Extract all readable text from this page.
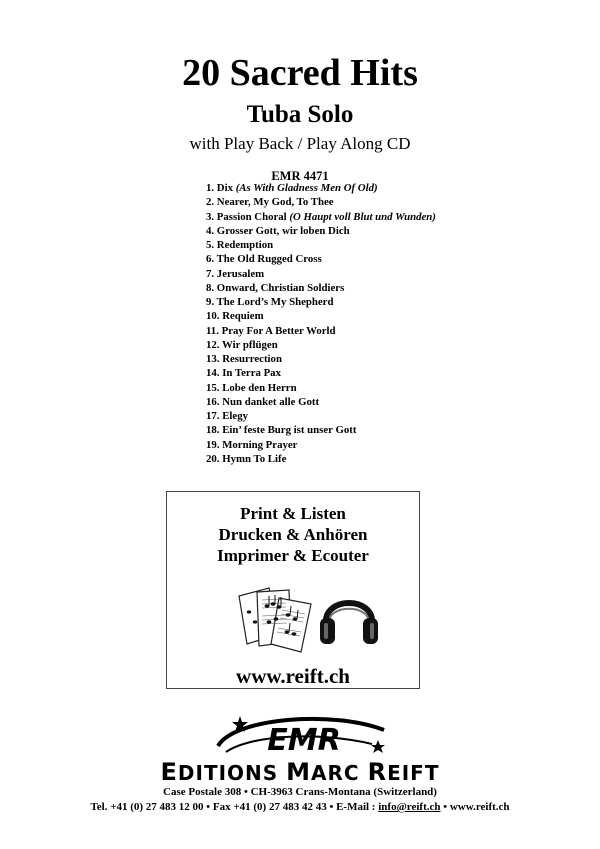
20 Sacred Hits
Tuba Solo
with Play Back / Play Along CD
EMR 4471
1. Dix (As With Gladness Men Of Old)
2. Nearer, My God, To Thee
3. Passion Choral (O Haupt voll Blut und Wunden)
4. Grosser Gott, wir loben Dich
5. Redemption
6. The Old Rugged Cross
7. Jerusalem
8. Onward, Christian Soldiers
9. The Lord’s My Shepherd
10. Requiem
11. Pray For A Better World
12. Wir pflügen
13. Resurrection
14. In Terra Pax
15. Lobe den Herrn
16. Nun danket alle Gott
17. Elegy
18. Ein’ feste Burg ist unser Gott
19. Morning Prayer
20. Hymn To Life
Print & Listen
Drucken & Anhören
Imprimer & Ecouter
www.reift.ch
EMR
EDITIONS MARC REIFT
Case Postale 308 • CH-3963 Crans-Montana (Switzerland)
Tel. +41 (0) 27 483 12 00 • Fax +41 (0) 27 483 42 43 • E-Mail : info@reift.ch • www.reift.ch
